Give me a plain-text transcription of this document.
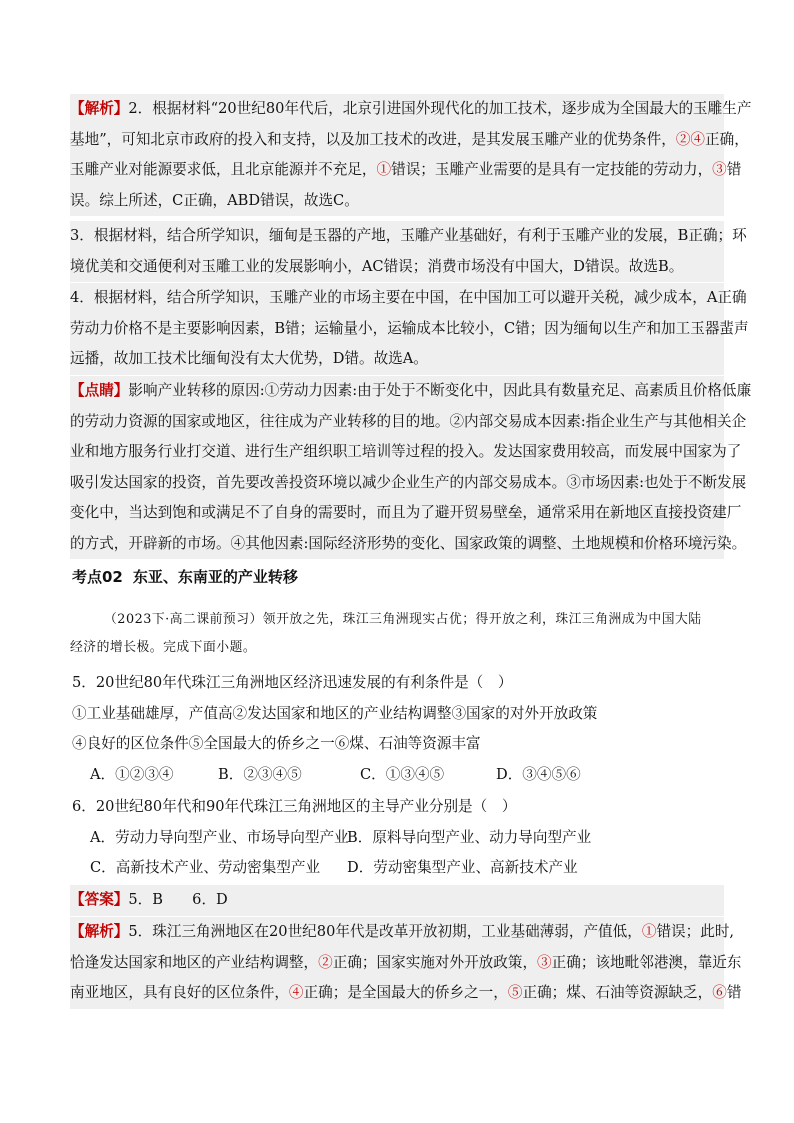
【解析】2．根据材料“20世纪80年代后，北京引进国外现代化的加工技术，逐步成为全国最大的玉雕生产

基地”，可知北京市政府的投入和支持，以及加工技术的改进，是其发展玉雕产业的优势条件，②④正确，

玉雕产业对能源要求低，且北京能源并不充足，①错误；玉雕产业需要的是具有一定技能的劳动力，③错

误。综上所述，C正确，ABD错误，故选C。

3．根据材料，结合所学知识，缅甸是玉器的产地，玉雕产业基础好，有利于玉雕产业的发展，B正确；环

境优美和交通便利对玉雕工业的发展影响小，AC错误；消费市场没有中国大，D错误。故选B。

4．根据材料，结合所学知识，玉雕产业的市场主要在中国，在中国加工可以避开关税，减少成本，A正确

劳动力价格不是主要影响因素，B错；运输量小，运输成本比较小，C错；因为缅甸以生产和加工玉器蜚声

远播，故加工技术比缅甸没有太大优势，D错。故选A。

【点睛】影响产业转移的原因:①劳动力因素:由于处于不断变化中，因此具有数量充足、高素质且价格低廉

的劳动力资源的国家或地区，往往成为产业转移的目的地。②内部交易成本因素:指企业生产与其他相关企

业和地方服务行业打交道、进行生产组织职工培训等过程的投入。发达国家费用较高，而发展中国家为了

吸引发达国家的投资，首先要改善投资环境以减少企业生产的内部交易成本。③市场因素:也处于不断发展

变化中，当达到饱和或满足不了自身的需要时，而且为了避开贸易壁垒，通常采用在新地区直接投资建厂

的方式，开辟新的市场。④其他因素:国际经济形势的变化、国家政策的调整、土地规模和价格环境污染。

考点02 东亚、东南亚的产业转移

（2023下·高二课前预习）领开放之先，珠江三角洲现实占优；得开放之利，珠江三角洲成为中国大陆

经济的增长极。完成下面小题。

5．20世纪80年代珠江三角洲地区经济迅速发展的有利条件是（　）

①工业基础雄厚，产值高②发达国家和地区的产业结构调整③国家的对外开放政策

④良好的区位条件⑤全国最大的侨乡之一⑥煤、石油等资源丰富

A．①②③④	B．②③④⑤	C．①③④⑤	D．③④⑤⑥

6．20世纪80年代和90年代珠江三角洲地区的主导产业分别是（　）

A．劳动力导向型产业、市场导向型产业B．原料导向型产业、动力导向型产业

C．高新技术产业、劳动密集型产业 D．劳动密集型产业、高新技术产业

【答案】5．B　　6．D

【解析】5．珠江三角洲地区在20世纪80年代是改革开放初期，工业基础薄弱，产值低，①错误；此时,

恰逢发达国家和地区的产业结构调整，②正确；国家实施对外开放政策，③正确；该地毗邻港澳，靠近东

南亚地区，具有良好的区位条件，④正确；是全国最大的侨乡之一，⑤正确；煤、石油等资源缺乏，⑥错
